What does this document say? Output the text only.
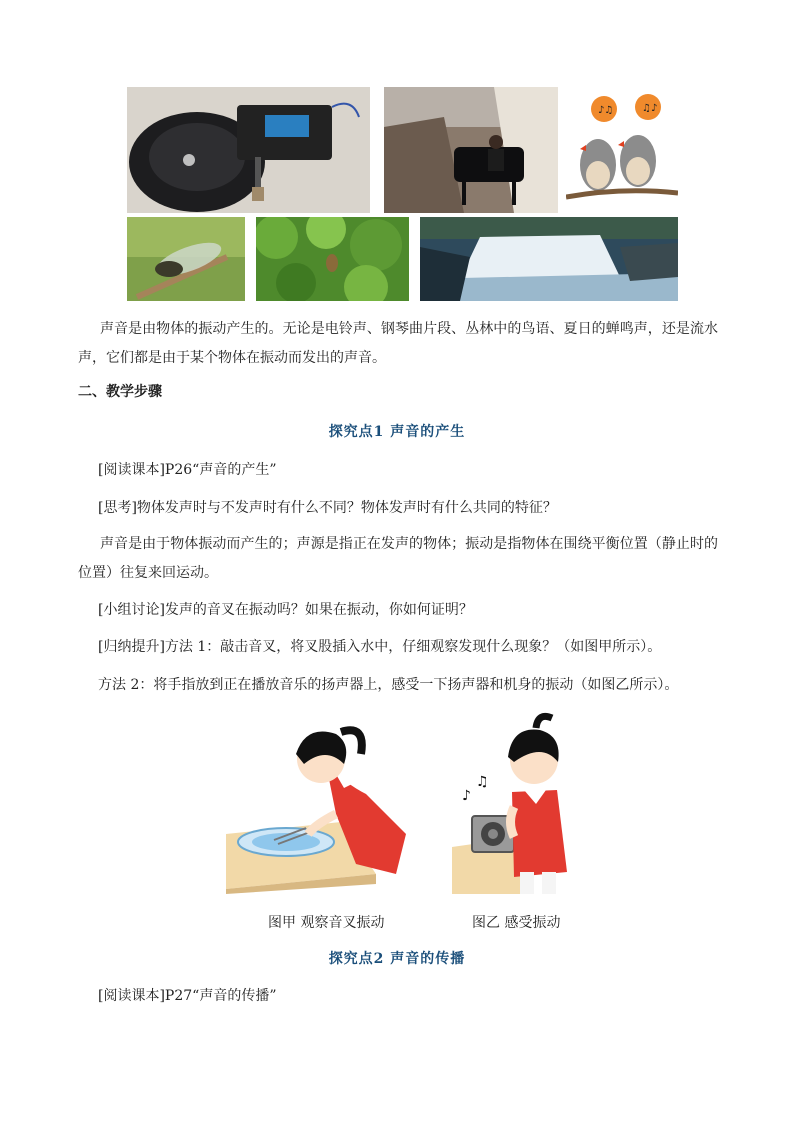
♪♫	♫♪

声音是由物体的振动产生的。无论是电铃声、钢琴曲片段、丛林中的鸟语、夏日的蝉鸣声，还是流水声，它们都是由于某个物体在振动而发出的声音。

二、教学步骤
探究点1 声音的产生
[阅读课本]P26“声音的产生”
[思考]物体发声时与不发声时有什么不同？物体发声时有什么共同的特征？

声音是由于物体振动而产生的；声源是指正在发声的物体；振动是指物体在围绕平衡位置（静止时的位置）往复来回运动。

[小组讨论]发声的音叉在振动吗？如果在振动，你如何证明？
[归纳提升]方法 1：敲击音叉，将叉股插入水中，仔细观察发现什么现象？（如图甲所示）。
方法 2：将手指放到正在播放音乐的扬声器上，感受一下扬声器和机身的振动（如图乙所示）。
图甲 观察音叉振动
♪
♫
图乙 感受振动
探究点2 声音的传播
[阅读课本]P27“声音的传播”
